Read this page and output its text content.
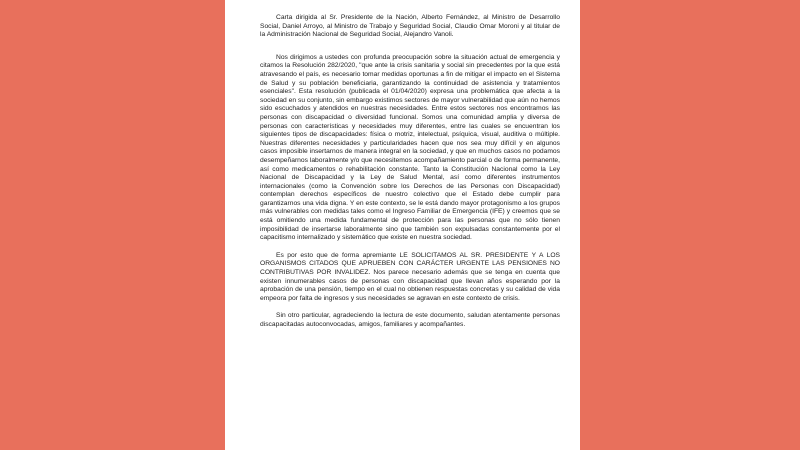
Carta dirigida al Sr. Presidente de la Nación, Alberto Fernández, al Ministro de Desarrollo Social, Daniel Arroyo, al Ministro de Trabajo y Seguridad Social, Claudio Omar Moroni y al titular de la Administración Nacional de Seguridad Social, Alejandro Vanoli.

Nos dirigimos a ustedes con profunda preocupación sobre la situación actual de emergencia y citamos la Resolución 282/2020, "que ante la crisis sanitaria y social sin precedentes por la que está atravesando el país, es necesario tomar medidas oportunas a fin de mitigar el impacto en el Sistema de Salud y su población beneficiaria, garantizando la continuidad de asistencia y tratamientos esenciales". Esta resolución (publicada el 01/04/2020) expresa una problemática que afecta a la sociedad en su conjunto, sin embargo existimos sectores de mayor vulnerabilidad que aún no hemos sido escuchados y atendidos en nuestras necesidades. Entre estos sectores nos encontramos las personas con discapacidad o diversidad funcional. Somos una comunidad amplia y diversa de personas con características y necesidades muy diferentes, entre las cuales se encuentran los siguientes tipos de discapacidades: física o motriz, intelectual, psíquica, visual, auditiva o múltiple. Nuestras diferentes necesidades y particularidades hacen que nos sea muy difícil y en algunos casos imposible insertarnos de manera integral en la sociedad, y que en muchos casos no podamos desempeñarnos laboralmente y/o que necesitemos acompañamiento parcial o de forma permanente, así como medicamentos o rehabilitación constante. Tanto la Constitución Nacional como la Ley Nacional de Discapacidad y la Ley de Salud Mental, así como diferentes instrumentos internacionales (como la Convención sobre los Derechos de las Personas con Discapacidad) contemplan derechos específicos de nuestro colectivo que el Estado debe cumplir para garantizarnos una vida digna. Y en este contexto, se le está dando mayor protagonismo a los grupos más vulnerables con medidas tales como el Ingreso Familiar de Emergencia (IFE) y creemos que se está omitiendo una medida fundamental de protección para las personas que no sólo tienen imposibilidad de insertarse laboralmente sino que también son expulsadas constantemente por el capacitismo internalizado y sistemático que existe en nuestra sociedad.

Es por esto que de forma apremiante LE SOLICITAMOS AL SR. PRESIDENTE Y A LOS ORGANISMOS CITADOS QUE APRUEBEN CON CARÁCTER URGENTE LAS PENSIONES NO CONTRIBUTIVAS POR INVALIDEZ. Nos parece necesario además que se tenga en cuenta que existen innumerables casos de personas con discapacidad que llevan años esperando por la aprobación de una pensión, tiempo en el cual no obtienen respuestas concretas y su calidad de vida empeora por falta de ingresos y sus necesidades se agravan en este contexto de crisis.

Sin otro particular, agradeciendo la lectura de este documento, saludan atentamente personas discapacitadas autoconvocadas, amigos, familiares y acompañantes.
